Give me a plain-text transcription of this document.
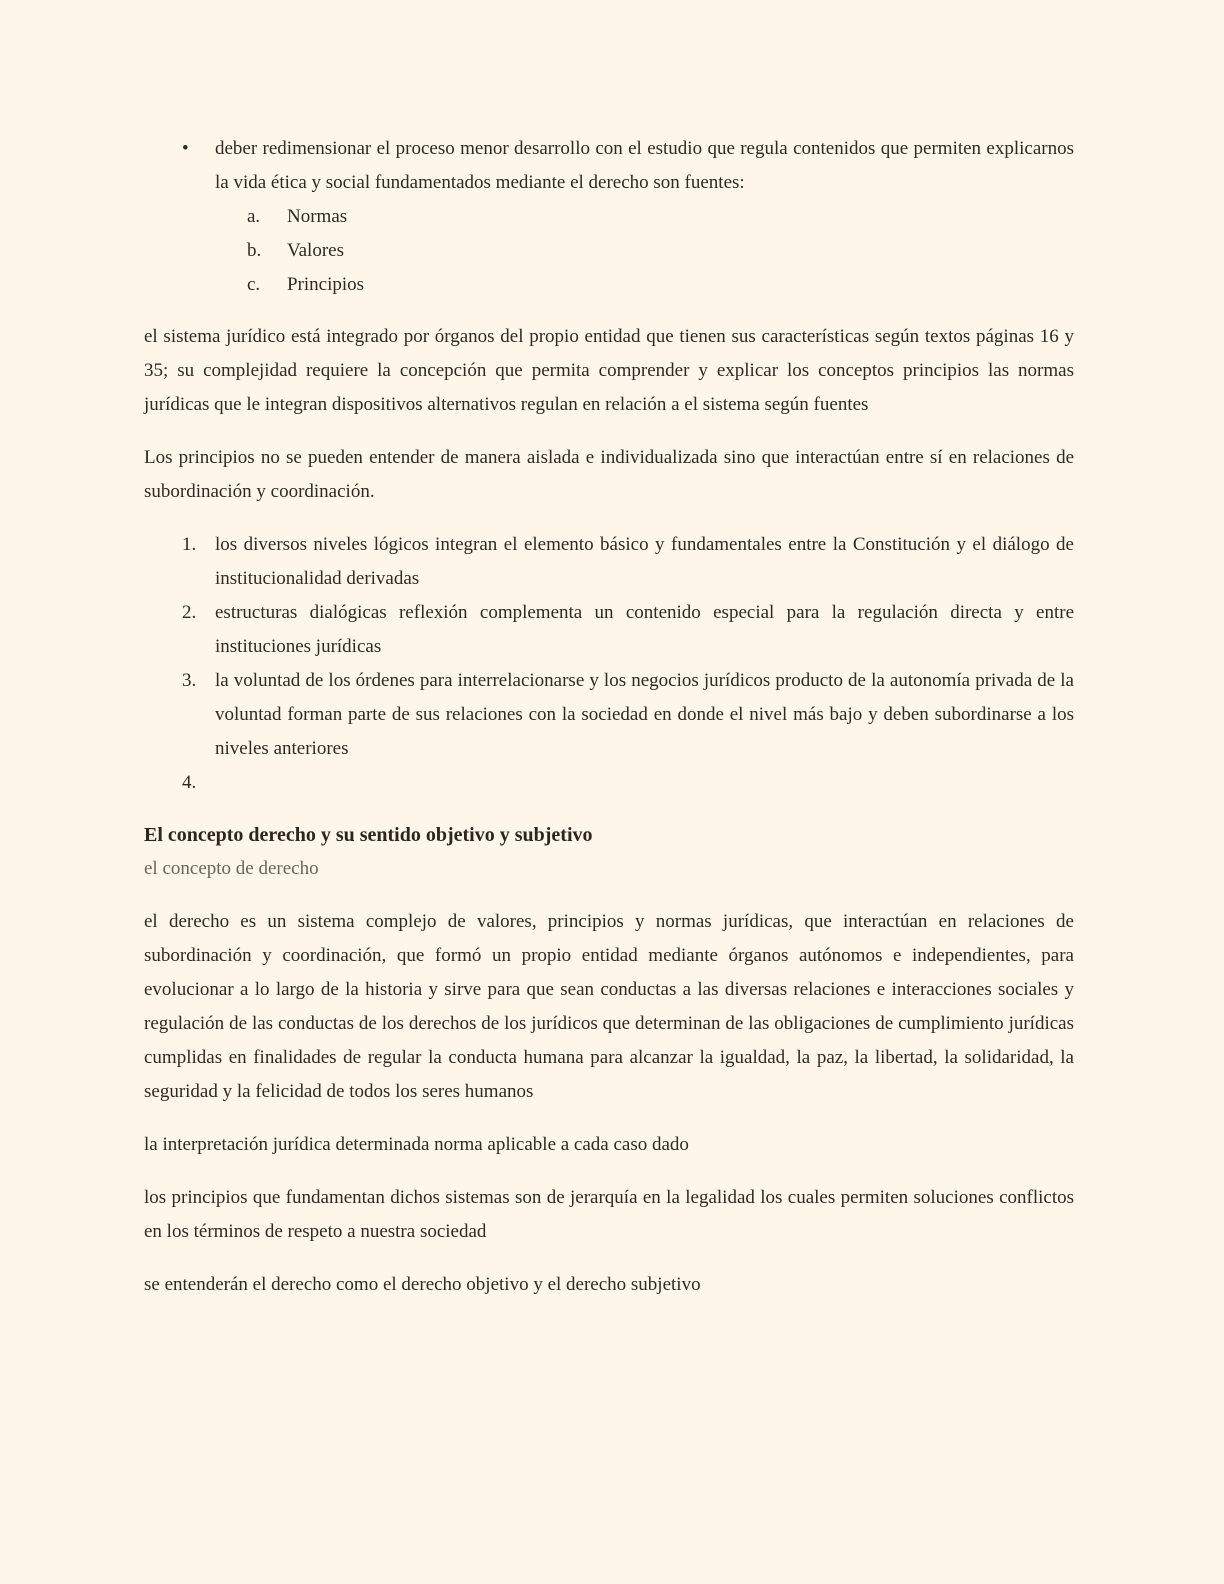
• deber redimensionar el proceso menor desarrollo con el estudio que regula contenidos que permiten explicarnos la vida ética y social fundamentados mediante el derecho son fuentes:
a. Normas
b. Valores
c. Principios

el sistema jurídico está integrado por órganos del propio entidad que tienen sus características según textos páginas 16 y 35; su complejidad requiere la concepción que permita comprender y explicar los conceptos principios las normas jurídicas que le integran dispositivos alternativos regulan en relación a el sistema según fuentes

Los principios no se pueden entender de manera aislada e individualizada sino que interactúan entre sí en relaciones de subordinación y coordinación.

1. los diversos niveles lógicos integran el elemento básico y fundamentales entre la Constitución y el diálogo de institucionalidad derivadas
2. estructuras dialógicas reflexión complementa un contenido especial para la regulación directa y entre instituciones jurídicas
3. la voluntad de los órdenes para interrelacionarse y los negocios jurídicos producto de la autonomía privada de la voluntad forman parte de sus relaciones con la sociedad en donde el nivel más bajo y deben subordinarse a los niveles anteriores
4.
El concepto derecho y su sentido objetivo y subjetivo
el concepto de derecho

el derecho es un sistema complejo de valores, principios y normas jurídicas, que interactúan en relaciones de subordinación y coordinación, que formó un propio entidad mediante órganos autónomos e independientes, para evolucionar a lo largo de la historia y sirve para que sean conductas a las diversas relaciones e interacciones sociales y regulación de las conductas de los derechos de los jurídicos que determinan de las obligaciones de cumplimiento jurídicas cumplidas en finalidades de regular la conducta humana para alcanzar la igualdad, la paz, la libertad, la solidaridad, la seguridad y la felicidad de todos los seres humanos

la interpretación jurídica determinada norma aplicable a cada caso dado

los principios que fundamentan dichos sistemas son de jerarquía en la legalidad los cuales permiten soluciones conflictos en los términos de respeto a nuestra sociedad

se entenderán el derecho como el derecho objetivo y el derecho subjetivo
